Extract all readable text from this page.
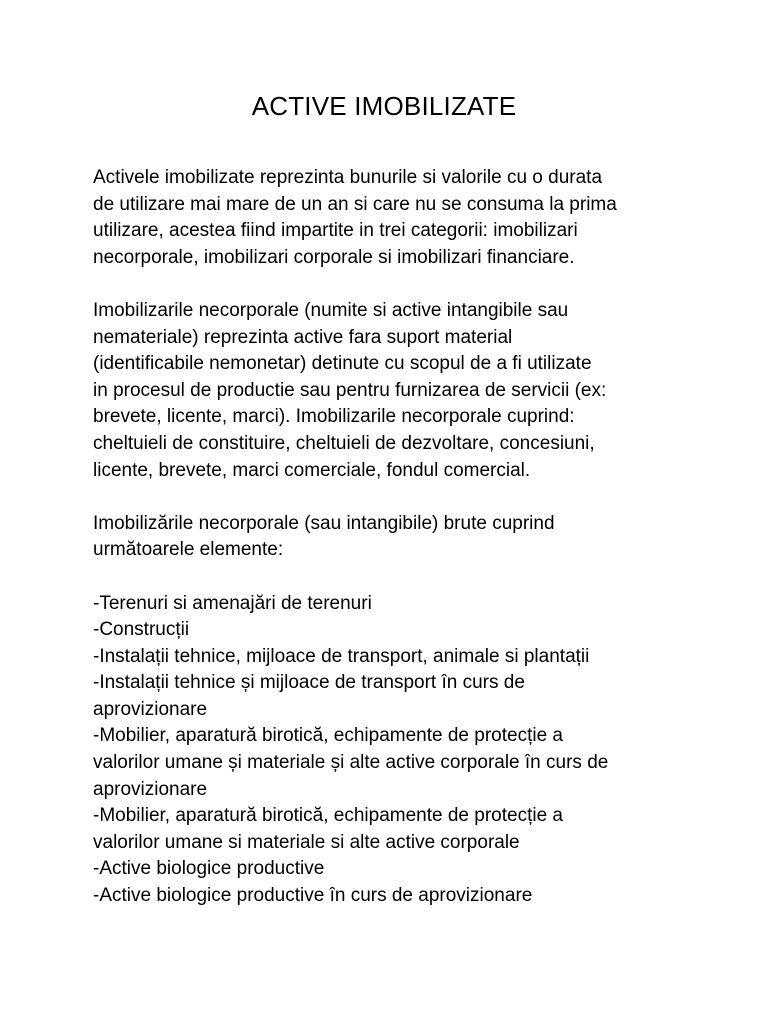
ACTIVE IMOBILIZATE
Activele imobilizate reprezinta bunurile si valorile cu o durata
de utilizare mai mare de un an si care nu se consuma la prima
utilizare, acestea fiind impartite in trei categorii: imobilizari
necorporale, imobilizari corporale si imobilizari financiare.
Imobilizarile necorporale (numite si active intangibile sau
nemateriale) reprezinta active fara suport material
(identificabile nemonetar) detinute cu scopul de a fi utilizate
in procesul de productie sau pentru furnizarea de servicii (ex:
brevete, licente, marci). Imobilizarile necorporale cuprind:
cheltuieli de constituire, cheltuieli de dezvoltare, concesiuni,
licente, brevete, marci comerciale, fondul comercial.
Imobilizările necorporale (sau intangibile) brute cuprind
următoarele elemente:
-Terenuri si amenajări de terenuri
-Construcții
-Instalații tehnice, mijloace de transport, animale si plantații
-Instalații tehnice și mijloace de transport în curs de
aprovizionare
-Mobilier, aparatură birotică, echipamente de protecție a
valorilor umane și materiale și alte active corporale în curs de
aprovizionare
-Mobilier, aparatură birotică, echipamente de protecție a
valorilor umane si materiale si alte active corporale
-Active biologice productive
-Active biologice productive în curs de aprovizionare
